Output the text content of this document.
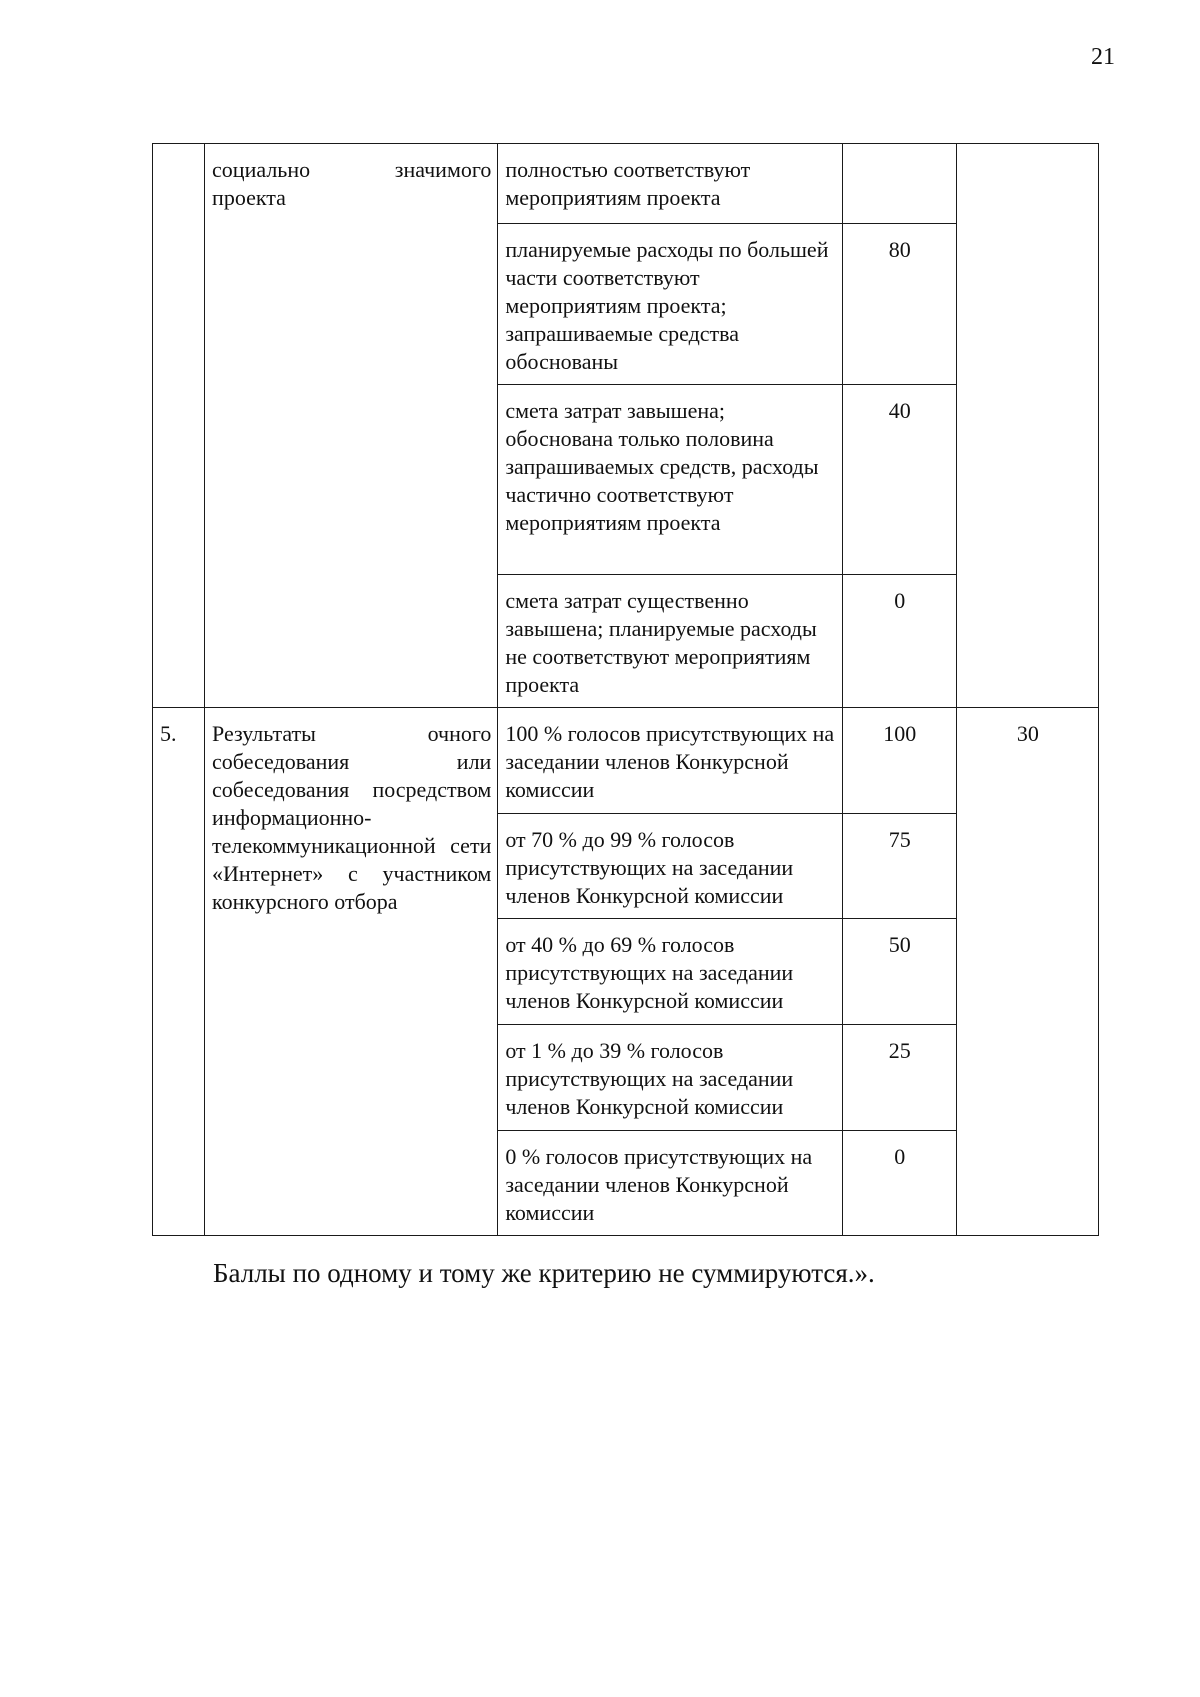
21
	социально значимого проекта	полностью соответствуют мероприятиям проекта		
		планируемые расходы по большей части соответствуют мероприятиям проекта; запрашиваемые средства обоснованы	80	
		смета затрат завышена; обоснована только половина запрашиваемых средств, расходы частично соответствуют мероприятиям проекта	40	
		смета затрат существенно завышена; планируемые расходы не соответствуют мероприятиям проекта	0	
5.	Результаты очного собеседования или собеседования посредством информационно-телекоммуникационной сети «Интернет» с участником конкурсного отбора	100 % голосов присутствующих на заседании членов Конкурсной комиссии	100	30
		от 70 % до 99 % голосов присутствующих на заседании членов Конкурсной комиссии	75	
		от 40 % до 69 % голосов присутствующих на заседании членов Конкурсной комиссии	50	
		от 1 % до 39 % голосов присутствующих на заседании членов Конкурсной комиссии	25	
		0 % голосов присутствующих на заседании членов Конкурсной комиссии	0	
Баллы по одному и тому же критерию не суммируются.».
